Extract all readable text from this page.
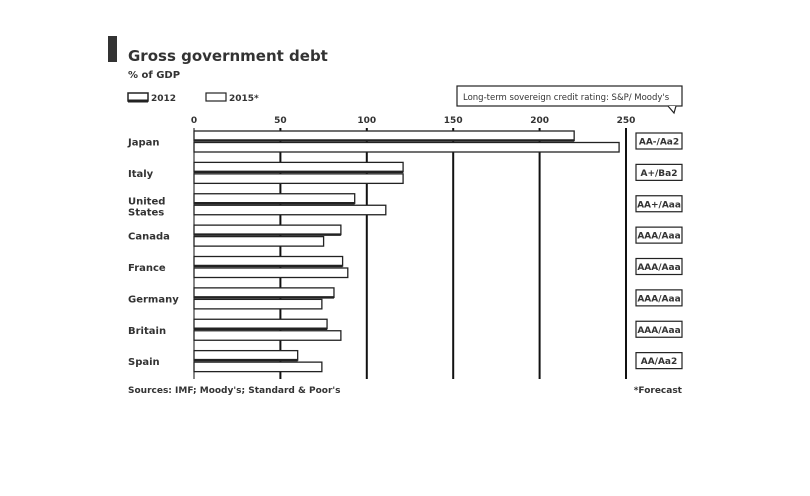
Gross government debt
% of GDP
2012	2015*	Long-term sovereign credit rating: S&P/ Moody's
0	50	100	150	200	250
Japan
Italy
United States
Canada
France
Germany
Britain
Spain
AA-/Aa2
A+/Ba2
AA+/Aaa
AAA/Aaa
AAA/Aaa
AAA/Aaa
AAA/Aaa
AA/Aa2
Sources: IMF; Moody's; Standard & Poor's	*Forecast
